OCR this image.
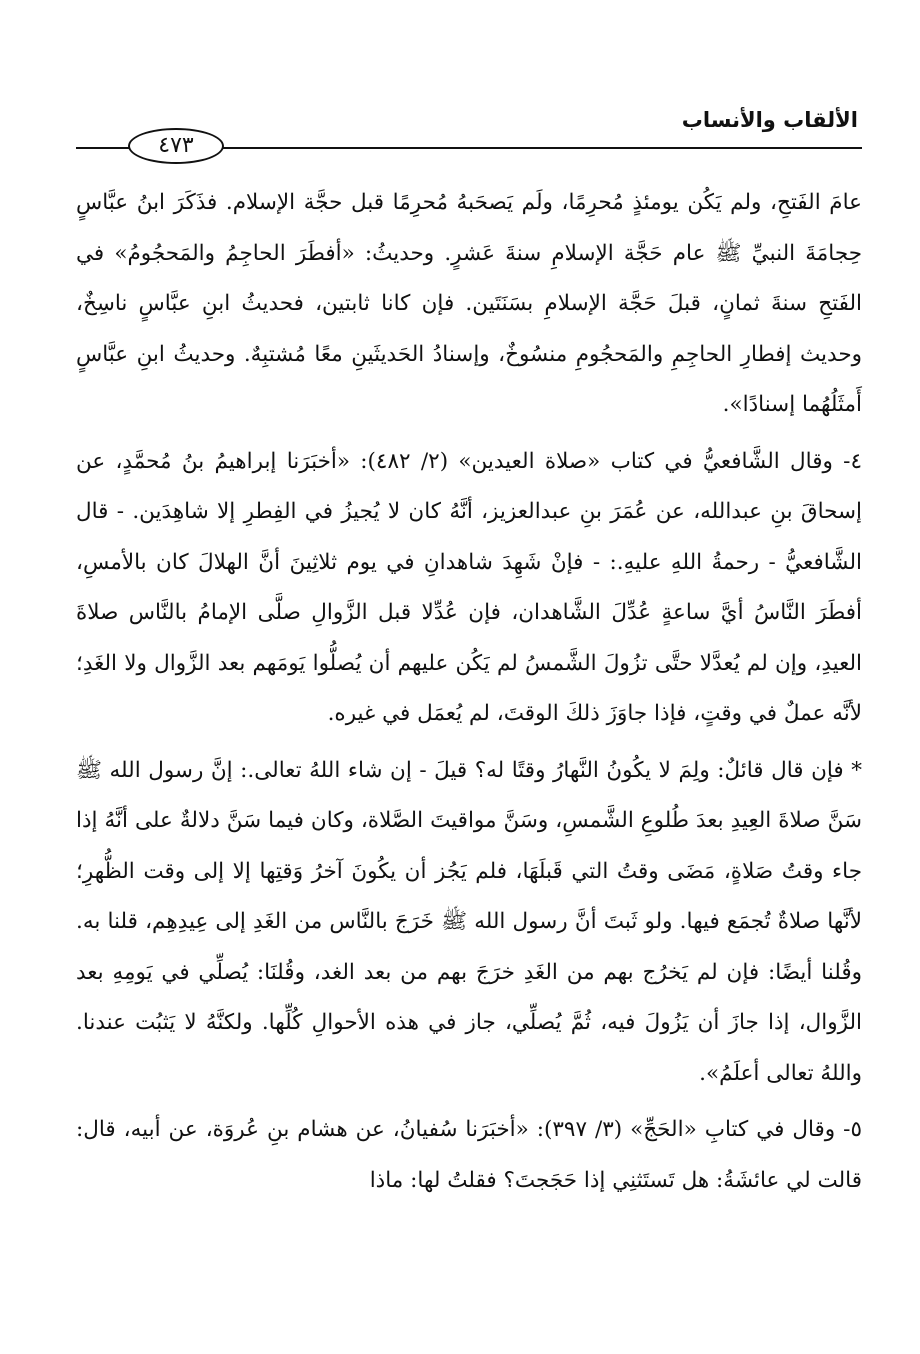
الألقاب والأنساب
٤٧٣

عامَ الفَتحِ، ولم يَكُن يومئذٍ مُحرِمًا، ولَم يَصحَبهُ مُحرِمًا قبل حجَّة الإسلام. فذَكَرَ ابنُ عبَّاسٍ حِجامَةَ النبيِّ ﷺ عام حَجَّة الإسلامِ سنةَ عَشرٍ. وحديثُ: «أفطَرَ الحاجِمُ والمَحجُومُ» في الفَتحِ سنةَ ثمانٍ، قبلَ حَجَّة الإسلامِ بسَنَتَين. فإن كانا ثابتين، فحديثُ ابنِ عبَّاسٍ ناسِخٌ، وحديث إفطارِ الحاجِمِ والمَحجُومِ منسُوخٌ، وإسنادُ الحَديثَينِ معًا مُشتبِهٌ. وحديثُ ابنِ عبَّاسٍ أَمثَلُهُما إسنادًا».

٤- وقال الشَّافعيُّ في كتاب «صلاة العيدين» (٢/ ٤٨٢): «أخبَرَنا إبراهيمُ بنُ مُحمَّدٍ، عن إسحاقَ بنِ عبدالله، عن عُمَرَ بنِ عبدالعزيز، أنَّهُ كان لا يُجيزُ في الفِطرِ إلا شاهِدَين. - قال الشَّافعيُّ - رحمةُ اللهِ عليهِ.: - فإنْ شَهِدَ شاهدانِ في يوم ثلاثِينَ أنَّ الهلالَ كان بالأمسِ، أفطَرَ النَّاسُ أيَّ ساعةٍ عُدِّلَ الشَّاهدان، فإن عُدِّلا قبل الزَّوالِ صلَّى الإمامُ بالنَّاس صلاةَ العيدِ، وإن لم يُعدَّلا حتَّى تزُولَ الشَّمسُ لم يَكُن عليهم أن يُصلُّوا يَومَهم بعد الزَّوال ولا الغَدِ؛ لأنَّه عملٌ في وقتٍ، فإذا جاوَزَ ذلكَ الوقتَ، لم يُعمَل في غيره.

* فإن قال قائلٌ: ولِمَ لا يكُونُ النَّهارُ وقتًا له؟ قيلَ - إن شاء اللهُ تعالى.: إنَّ رسول الله ﷺ سَنَّ صلاةَ العِيدِ بعدَ طُلوعِ الشَّمسِ، وسَنَّ مواقيتَ الصَّلاة، وكان فيما سَنَّ دلالةٌ على أنَّهُ إذا جاء وقتُ صَلاةٍ، مَضَى وقتُ التي قَبلَهَا، فلم يَجُز أن يكُونَ آخرُ وَقتِها إلا إلى وقت الظُّهرِ؛ لأنَّها صلاةٌ تُجمَع فيها. ولو ثَبتَ أنَّ رسول الله ﷺ خَرَجَ بالنَّاس من الغَدِ إلى عِيدِهِم، قلنا به. وقُلنا أيضًا: فإن لم يَخرُج بهم من الغَدِ خرَجَ بهم من بعد الغد، وقُلنَا: يُصلِّي في يَومِهِ بعد الزَّوال، إذا جازَ أن يَزُولَ فيه، ثُمَّ يُصلِّي، جاز في هذه الأحوالِ كُلِّها. ولكنَّهُ لا يَثبُت عندنا. واللهُ تعالى أعلَمُ».

٥- وقال في كتابِ «الحَجِّ» (٣/ ٣٩٧): «أخبَرَنا سُفيانُ، عن هشام بنِ عُروَة، عن أبيه، قال: قالت لي عائشَةُ: هل تَستَثنِي إذا حَجَجتَ؟ فقلتُ لها: ماذا
